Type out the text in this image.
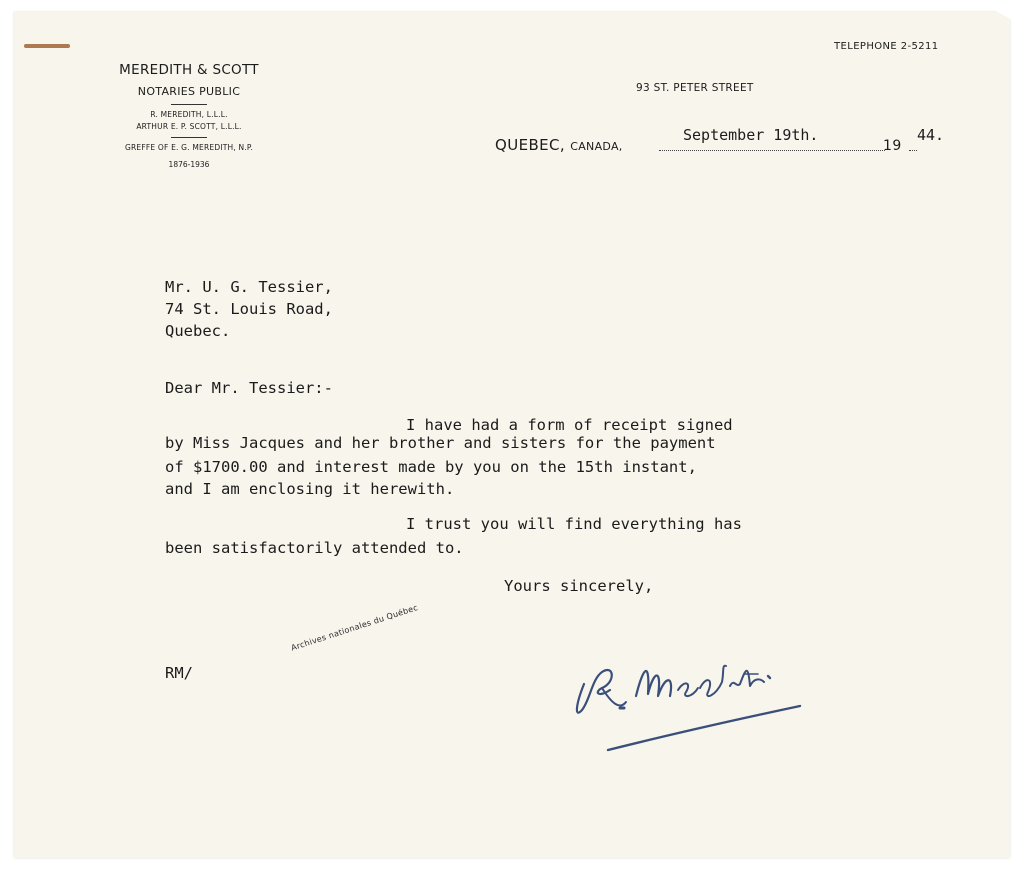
MEREDITH & SCOTT
NOTARIES PUBLIC
R. MEREDITH, L.L.L.
ARTHUR E. P. SCOTT, L.L.L.
GREFFE OF E. G. MEREDITH, N.P.
1876-1936
TELEPHONE 2-5211
93 ST. PETER STREET
QUEBEC, CANADA,
September 19th.
19
44.
Mr. U. G. Tessier,
74 St. Louis Road,
Quebec.
Dear Mr. Tessier:-
I have had a form of receipt signed
by Miss Jacques and her brother and sisters for the payment
of $1700.00 and interest made by you on the 15th instant,
and I am enclosing it herewith.
I trust you will find everything has
been satisfactorily attended to.
Yours sincerely,
RM/
Archives nationales du Québec
